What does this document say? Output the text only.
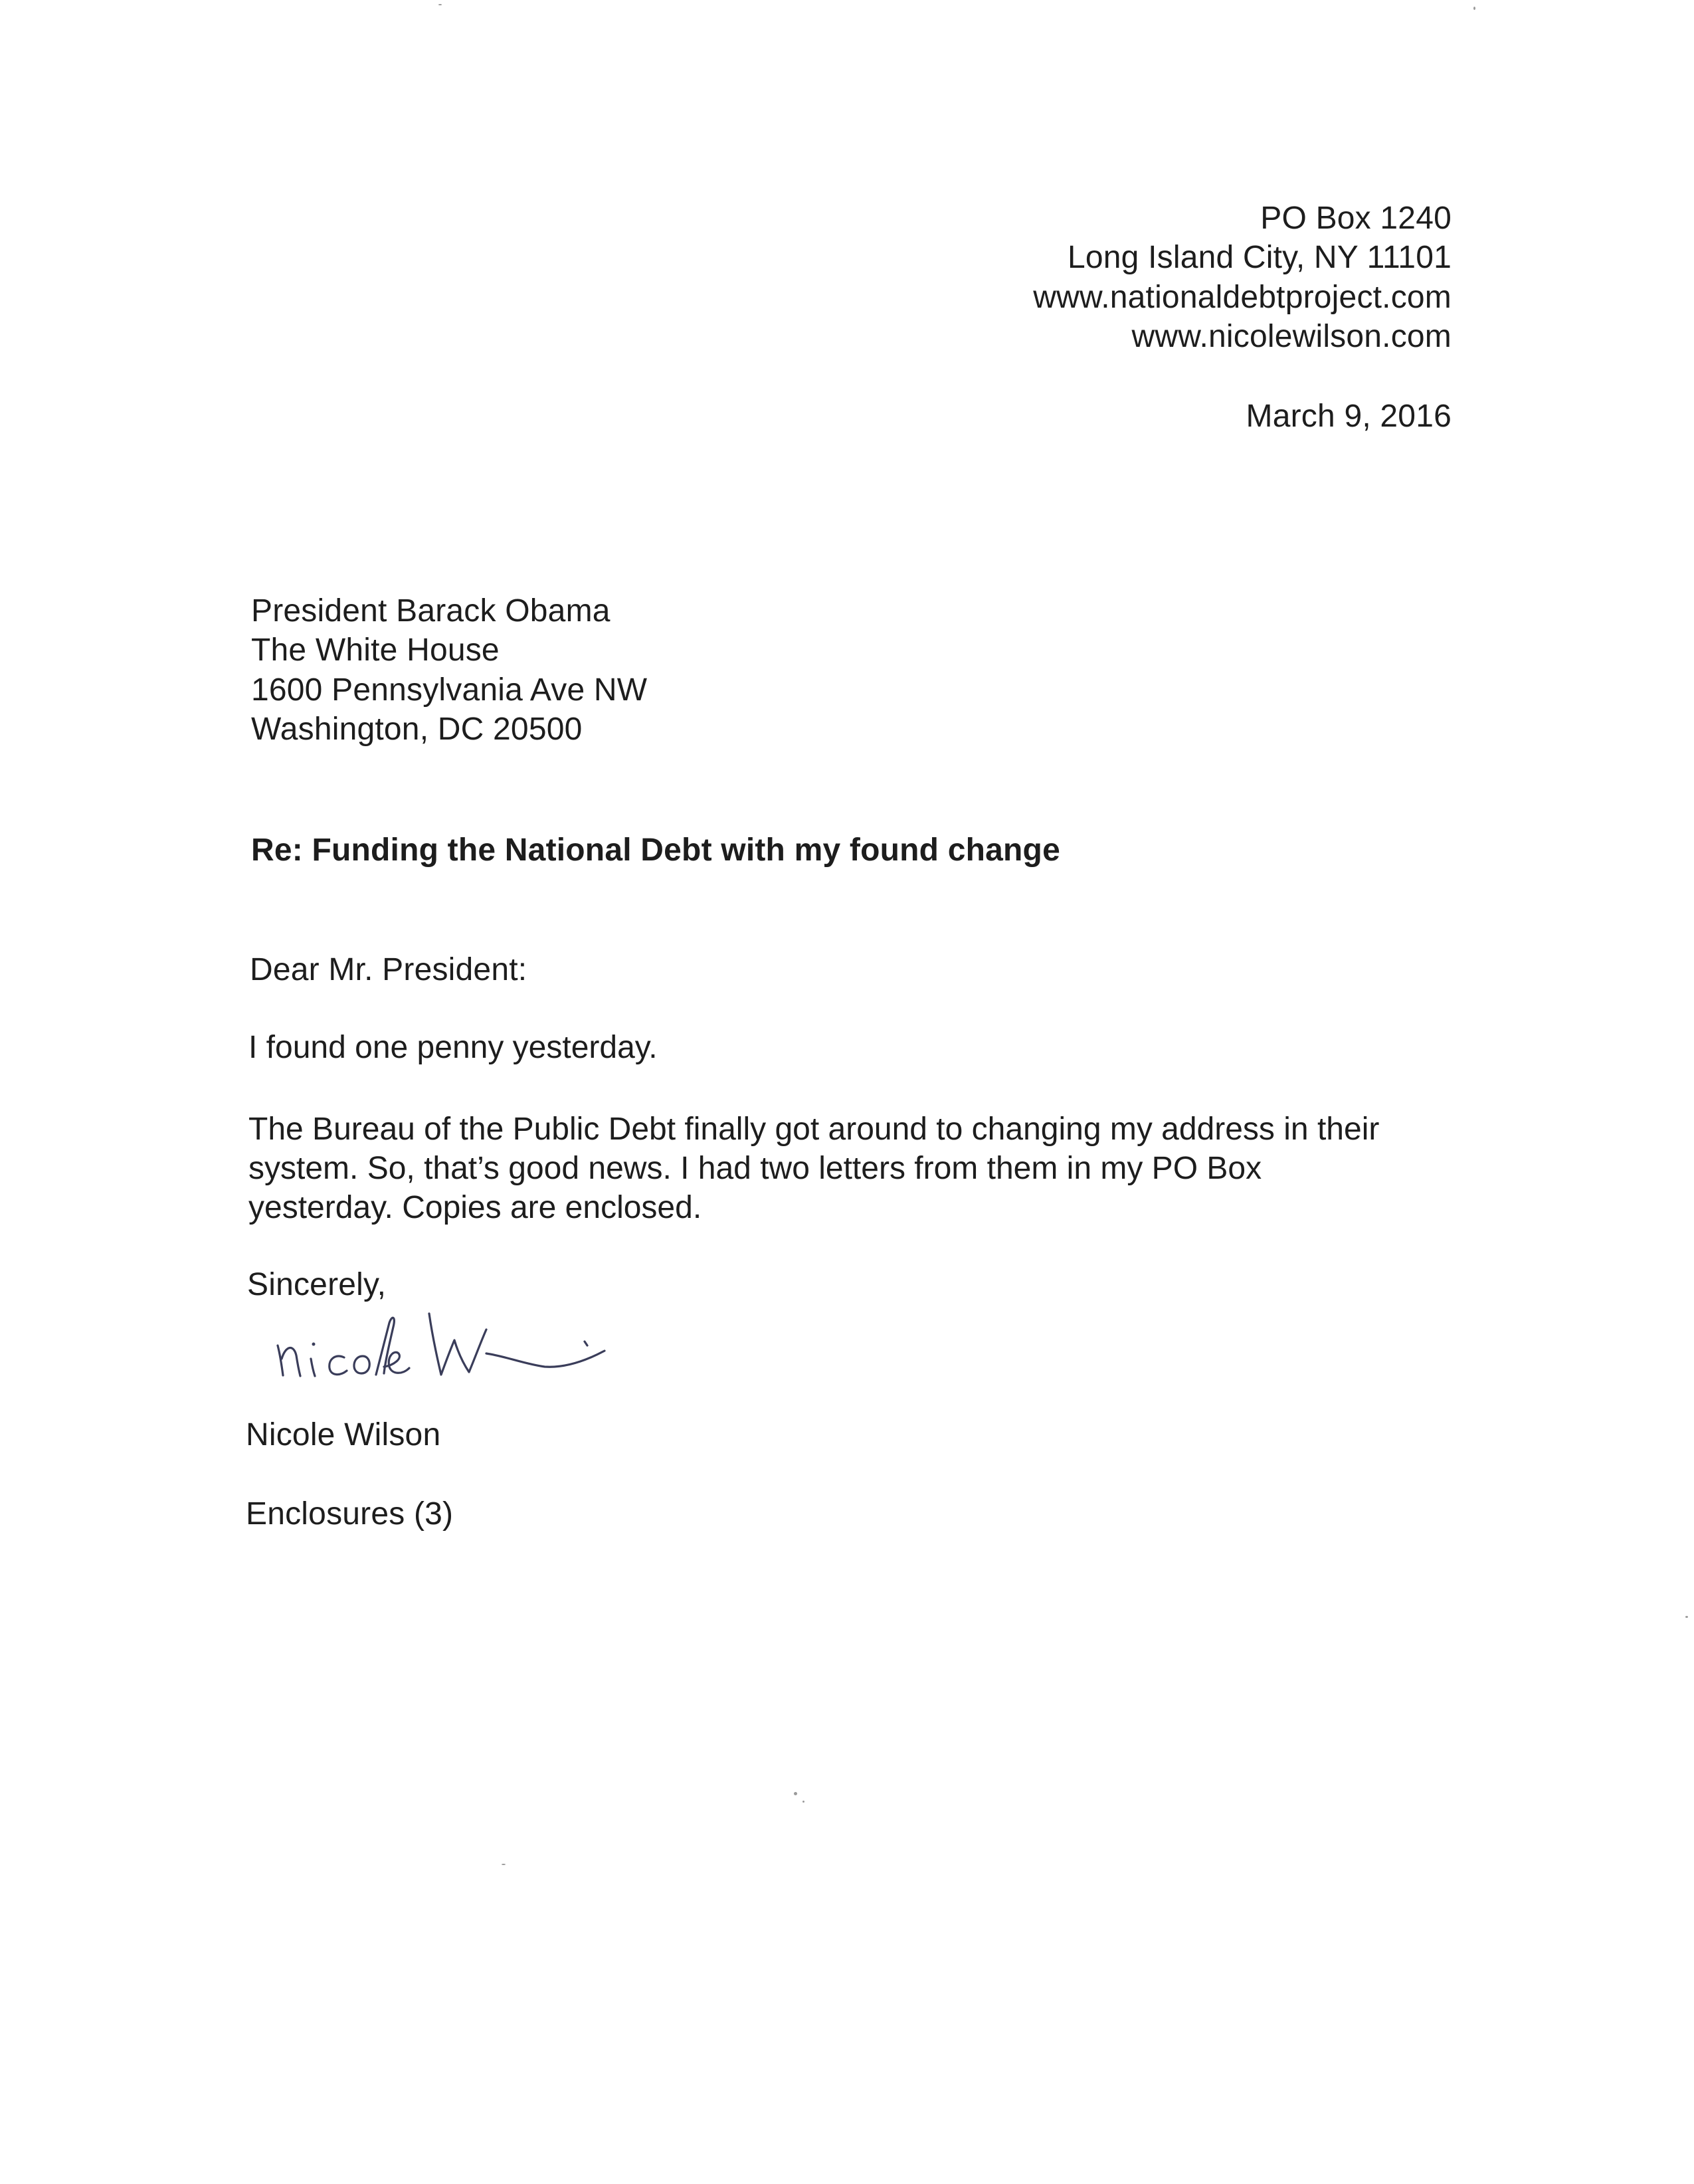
PO Box 1240
Long Island City, NY 11101
www.nationaldebtproject.com
www.nicolewilson.com
March 9, 2016
President Barack Obama
The White House
1600 Pennsylvania Ave NW
Washington, DC 20500
Re: Funding the National Debt with my found change
Dear Mr. President:
I found one penny yesterday.
The Bureau of the Public Debt finally got around to changing my address in their
system. So, that’s good news. I had two letters from them in my PO Box
yesterday. Copies are enclosed.
Sincerely,
Nicole Wilson
Enclosures (3)
